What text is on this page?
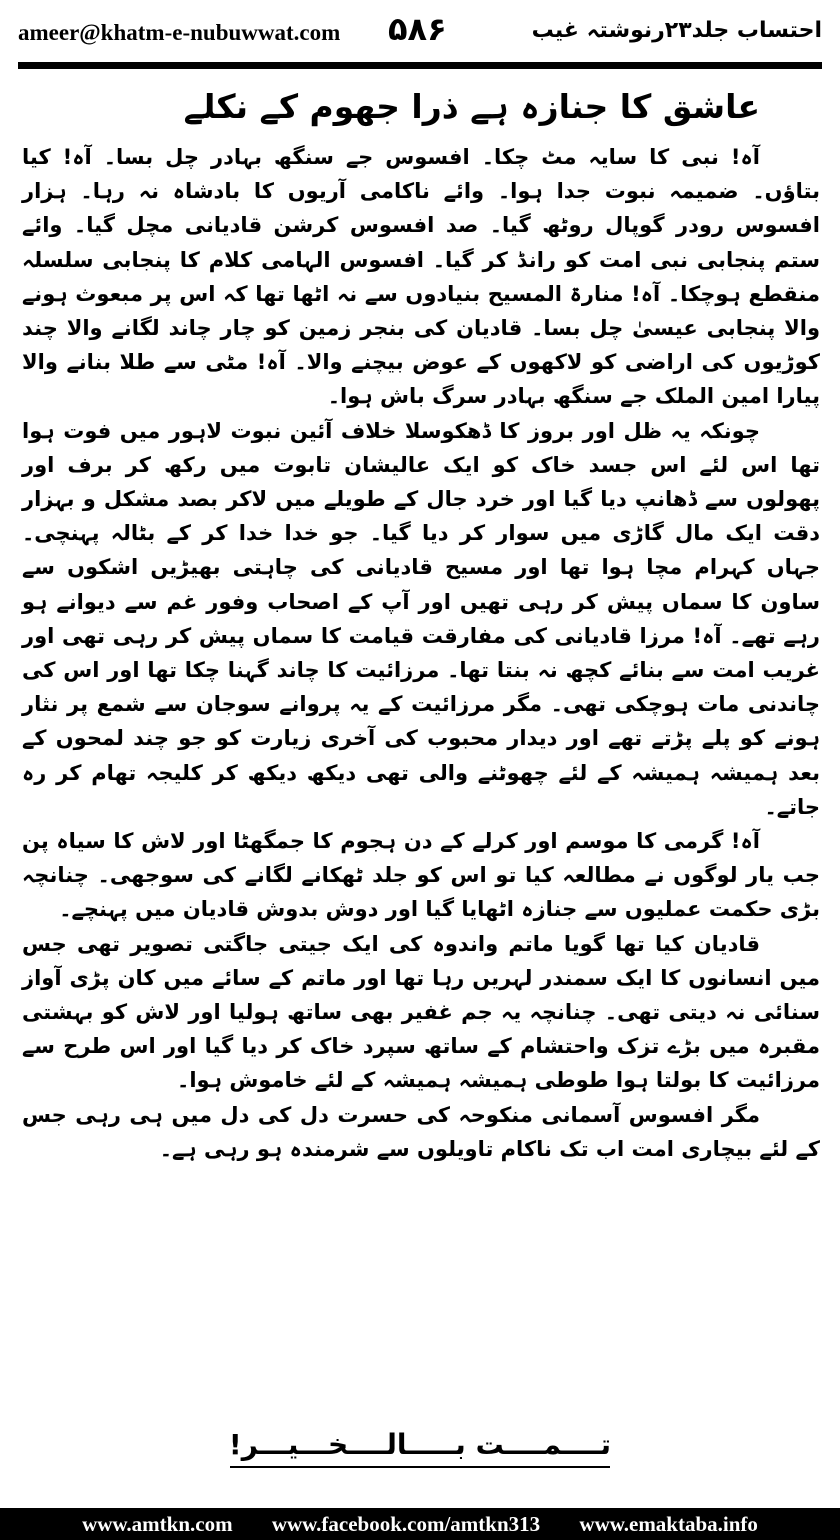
ameer@khatm-e-nubuwwat.com ۵۸۶	احتساب جلد۲۳رنوشتہ غیب
عاشق کا جنازہ ہے ذرا جھوم کے نکلے

آہ! نبی کا سایہ مٹ چکا۔ افسوس جے سنگھ بہادر چل بسا۔ آہ! کیا بتاؤں۔ ضمیمہ نبوت جدا ہوا۔ وائے ناکامی آریوں کا بادشاہ نہ رہا۔ ہزار افسوس رودر گوپال روٹھ گیا۔ صد افسوس کرشن قادیانی مچل گیا۔ وائے ستم پنجابی نبی امت کو رانڈ کر گیا۔ افسوس الہامی کلام کا پنجابی سلسلہ منقطع ہوچکا۔ آہ! منارۃ المسیح بنیادوں سے نہ اٹھا تھا کہ اس پر مبعوث ہونے والا پنجابی عیسیٰ چل بسا۔ قادیان کی بنجر زمین کو چار چاند لگانے والا چند کوڑیوں کی اراضی کو لاکھوں کے عوض بیچنے والا۔ آہ! مٹی سے طلا بنانے والا پیارا امین الملک جے سنگھ بہادر سرگ باش ہوا۔

چونکہ یہ ظل اور بروز کا ڈھکوسلا خلاف آئین نبوت لاہور میں فوت ہوا تھا اس لئے اس جسد خاک کو ایک عالیشان تابوت میں رکھ کر برف اور پھولوں سے ڈھانپ دیا گیا اور خرد جال کے طویلے میں لاکر بصد مشکل و بہزار دقت ایک مال گاڑی میں سوار کر دیا گیا۔ جو خدا خدا کر کے بٹالہ پہنچی۔ جہاں کہرام مچا ہوا تھا اور مسیح قادیانی کی چاہتی بھیڑیں اشکوں سے ساون کا سماں پیش کر رہی تھیں اور آپ کے اصحاب وفور غم سے دیوانے ہو رہے تھے۔ آہ! مرزا قادیانی کی مفارقت قیامت کا سماں پیش کر رہی تھی اور غریب امت سے بنائے کچھ نہ بنتا تھا۔ مرزائیت کا چاند گہنا چکا تھا اور اس کی چاندنی مات ہوچکی تھی۔ مگر مرزائیت کے یہ پروانے سوجان سے شمع پر نثار ہونے کو پلے پڑتے تھے اور دیدار محبوب کی آخری زیارت کو جو چند لمحوں کے بعد ہمیشہ ہمیشہ کے لئے چھوٹنے والی تھی دیکھ دیکھ کر کلیجہ تھام کر رہ جاتے۔

آہ! گرمی کا موسم اور کرلے کے دن ہجوم کا جمگھٹا اور لاش کا سیاہ پن جب یار لوگوں نے مطالعہ کیا تو اس کو جلد ٹھکانے لگانے کی سوجھی۔ چنانچہ بڑی حکمت عملیوں سے جنازہ اٹھایا گیا اور دوش بدوش قادیان میں پہنچے۔

قادیان کیا تھا گویا ماتم واندوہ کی ایک جیتی جاگتی تصویر تھی جس میں انسانوں کا ایک سمندر لہریں رہا تھا اور ماتم کے سائے میں کان پڑی آواز سنائی نہ دیتی تھی۔ چنانچہ یہ جم غفیر بھی ساتھ ہولیا اور لاش کو بہشتی مقبرہ میں بڑے تزک واحتشام کے ساتھ سپرد خاک کر دیا گیا اور اس طرح سے مرزائیت کا بولتا ہوا طوطی ہمیشہ ہمیشہ کے لئے خاموش ہوا۔

مگر افسوس آسمانی منکوحہ کی حسرت دل کی دل میں ہی رہی جس کے لئے بیچاری امت اب تک ناکام تاویلوں سے شرمندہ ہو رہی ہے۔

تــــمــــت بـــــالــــخـــيـــر!
www.amtkn.com www.facebook.com/amtkn313 www.emaktaba.info
